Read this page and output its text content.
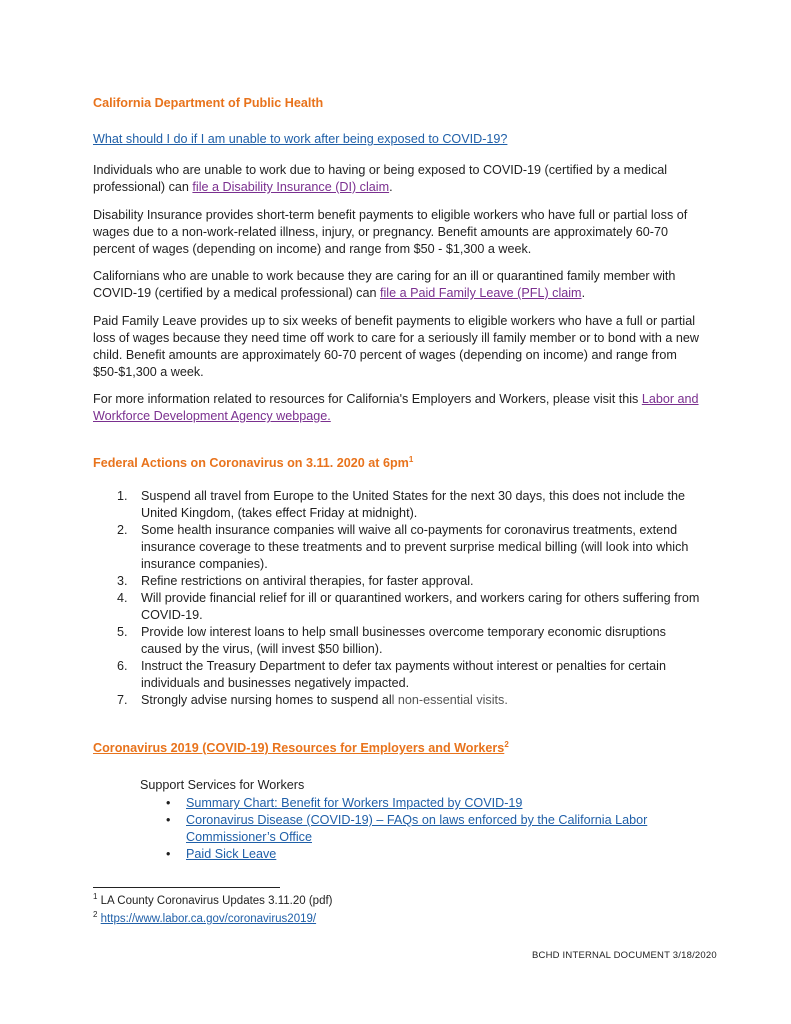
California Department of Public Health
What should I do if I am unable to work after being exposed to COVID-19?

Individuals who are unable to work due to having or being exposed to COVID-19 (certified by a medical professional) can file a Disability Insurance (DI) claim.

Disability Insurance provides short-term benefit payments to eligible workers who have full or partial loss of wages due to a non-work-related illness, injury, or pregnancy. Benefit amounts are approximately 60-70 percent of wages (depending on income) and range from $50 - $1,300 a week.

Californians who are unable to work because they are caring for an ill or quarantined family member with COVID-19 (certified by a medical professional) can file a Paid Family Leave (PFL) claim.

Paid Family Leave provides up to six weeks of benefit payments to eligible workers who have a full or partial loss of wages because they need time off work to care for a seriously ill family member or to bond with a new child. Benefit amounts are approximately 60-70 percent of wages (depending on income) and range from $50-$1,300 a week.

For more information related to resources for California's Employers and Workers, please visit this Labor and Workforce Development Agency webpage.

Federal Actions on Coronavirus on 3.11. 2020 at $6pm^1$
1. Suspend all travel from Europe to the United States for the next 30 days, this does not include the United Kingdom, (takes effect Friday at midnight).
2. Some health insurance companies will waive all co-payments for coronavirus treatments, extend insurance coverage to these treatments and to prevent surprise medical billing (will look into which insurance companies).
3. Refine restrictions on antiviral therapies, for faster approval.
4. Will provide financial relief for ill or quarantined workers, and workers caring for others suffering from COVID-19.
5. Provide low interest loans to help small businesses overcome temporary economic disruptions caused by the virus, (will invest $50 billion).
6. Instruct the Treasury Department to defer tax payments without interest or penalties for certain individuals and businesses negatively impacted.
7. Strongly advise nursing homes to suspend all non-essential visits.
Coronavirus 2019 (COVID-19) Resources for Employers and Workers$^2$
Support Services for Workers
• Summary Chart: Benefit for Workers Impacted by COVID-19
• Coronavirus Disease (COVID-19) – FAQs on laws enforced by the California Labor Commissioner’s Office
• Paid Sick Leave
$^1$ LA County Coronavirus Updates 3.11.20 (pdf)
$^2$ https://www.labor.ca.gov/coronavirus2019/
BCHD INTERNAL DOCUMENT 3/18/2020
